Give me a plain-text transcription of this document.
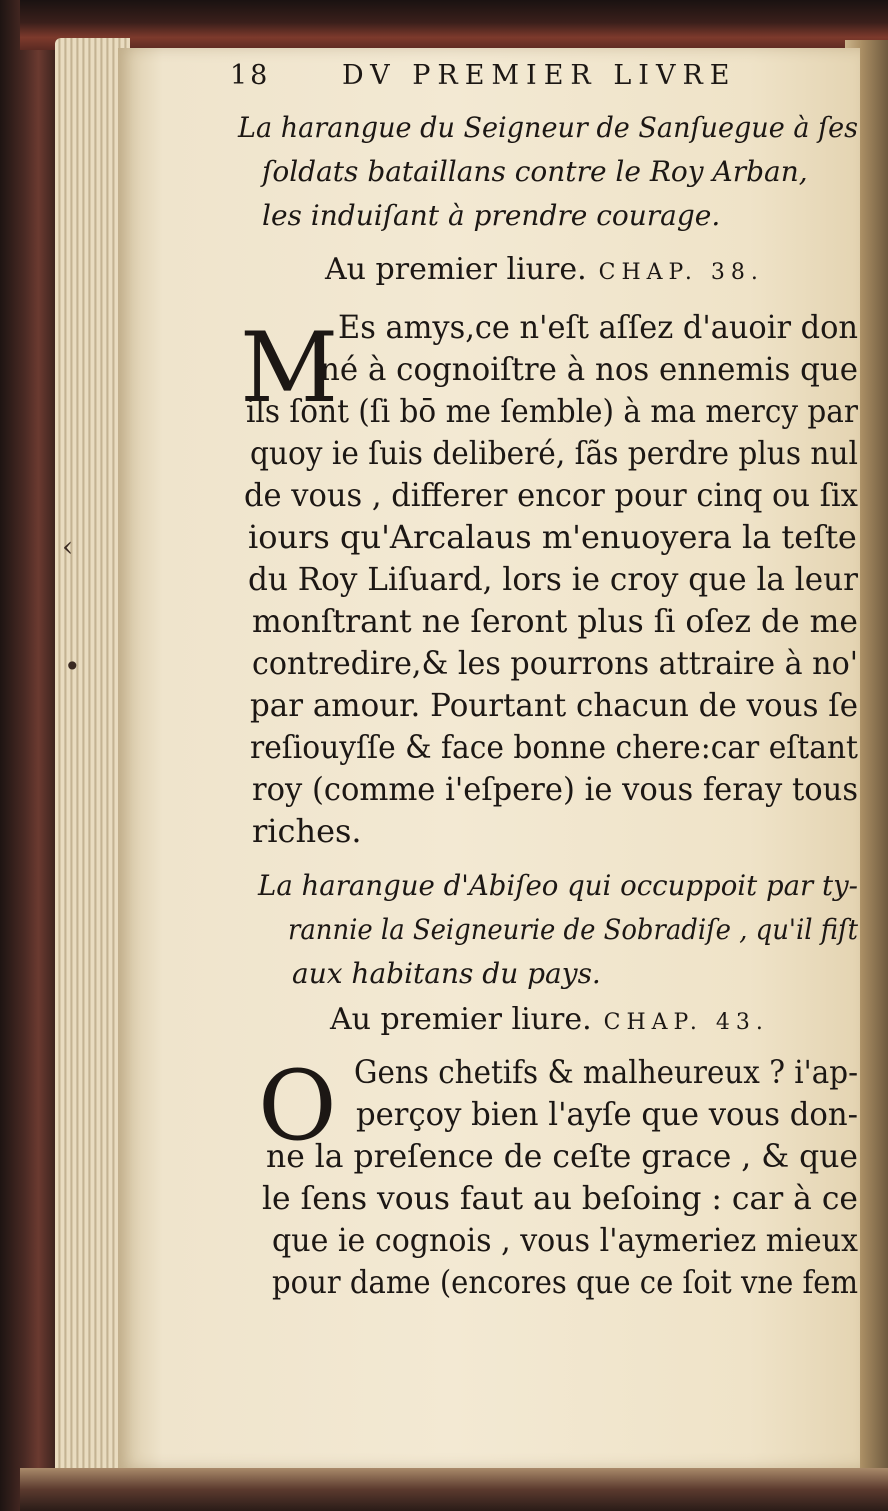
‹
•
18	DV PREMIER LIVRE
La harangue du Seigneur de Sanſuegue à ſes
ſoldats bataillans contre le Roy Arban,
les induiſant à prendre courage.
Au premier liure. CHAP. 38.
M Es amys,ce n'eſt aſſez d'auoir don
né à cognoiſtre à nos ennemis que
ils ſont (ſi bō me ſemble) à ma mercy par
quoy ie ſuis deliberé, ſãs perdre plus nul
de vous , differer encor pour cinq ou ſix
iours qu'Arcalaus m'enuoyera la teſte
du Roy Liſuard, lors ie croy que la leur
monſtrant ne ſeront plus ſi oſez de me
contredire,& les pourrons attraire à no'
par amour. Pourtant chacun de vous ſe
reſiouyſſe & face bonne chere:car eſtant
roy (comme i'eſpere) ie vous feray tous
riches.
La harangue d'Abiſeo qui occuppoit par ty-
rannie la Seigneurie de Sobradiſe , qu'il fiſt
aux habitans du pays.
Au premier liure. CHAP. 43.
O Gens chetifs & malheureux ? i'ap-
perçoy bien l'ayſe que vous don-
ne la preſence de ceſte grace , & que
le ſens vous faut au beſoing : car à ce
que ie cognois , vous l'aymeriez mieux
pour dame (encores que ce ſoit vne fem
